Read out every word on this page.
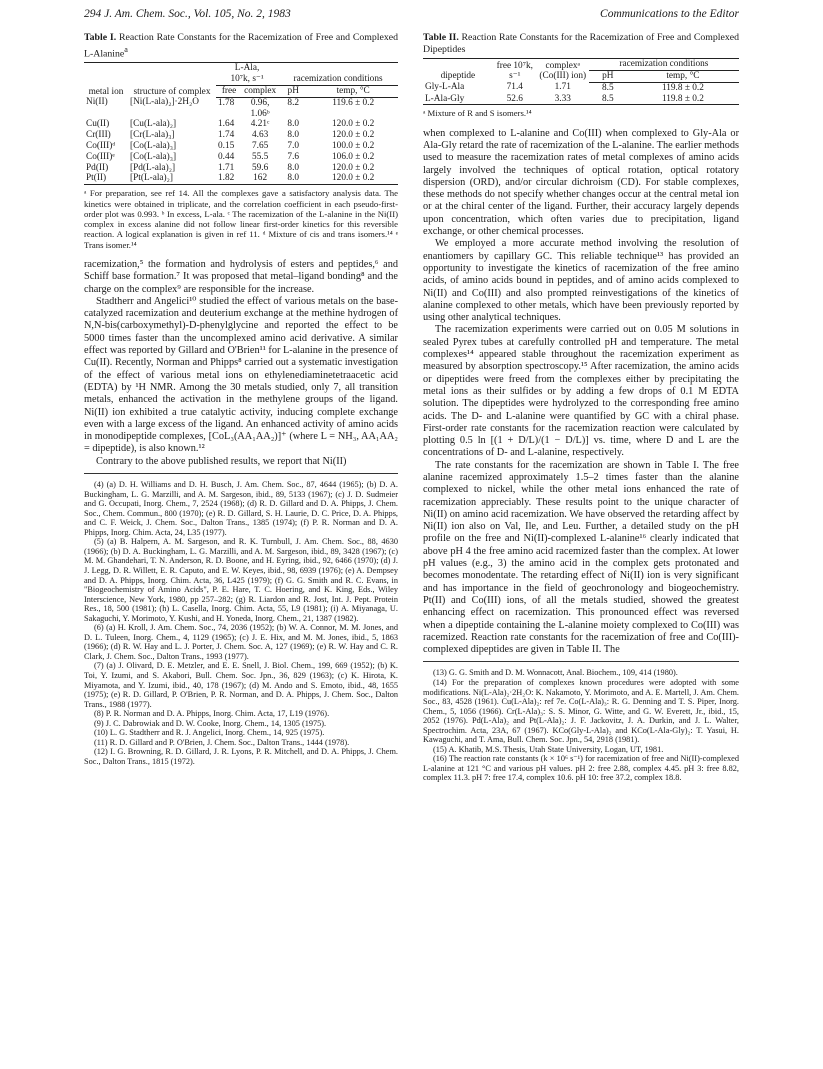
294 J. Am. Chem. Soc., Vol. 105, No. 2, 1983	Communications to the Editor
Table I. Reaction Rate Constants for the Racemization of Free and Complexed L-Alanine$^a$
metal ion	structure of complex	L-Ala,
10⁷k, s⁻¹		racemization conditions	
		free	complex	pH	temp, °C
Ni(II)	[Ni(L-ala)₂]·2H₂O	1.78	0.96, 1.06ᵇ	8.2	119.6 ± 0.2
Cu(II)	[Cu(L-ala)₂]	1.64	4.21ᶜ	8.0	120.0 ± 0.2
Cr(III)	[Cr(L-ala)₃]	1.74	4.63	8.0	120.0 ± 0.2
Co(III)ᵈ	[Co(L-ala)₃]	0.15	7.65	7.0	100.0 ± 0.2
Co(III)ᵉ	[Co(L-ala)₃]	0.44	55.5	7.6	106.0 ± 0.2
Pd(II)	[Pd(L-ala)₂]	1.71	59.6	8.0	120.0 ± 0.2
Pt(II)	[Pt(L-ala)₂]	1.82	162	8.0	120.0 ± 0.2
ᵃ For preparation, see ref 14. All the complexes gave a satisfactory analysis data. The kinetics were obtained in triplicate, and the correlation coefficient in each pseudo-first-order plot was 0.993. ᵇ In excess, L-ala. ᶜ The racemization of the L-alanine in the Ni(II) complex in excess alanine did not follow linear first-order kinetics for this reversible reaction. A logical explanation is given in ref 11. ᵈ Mixture of cis and trans isomers.¹⁴ ᵉ Trans isomer.¹⁴

racemization,⁵ the formation and hydrolysis of esters and peptides,⁶ and Schiff base formation.⁷ It was proposed that metal–ligand bonding⁸ and the charge on the complex⁹ are responsible for the increase.

Stadtherr and Angelici¹⁰ studied the effect of various metals on the base-catalyzed racemization and deuterium exchange at the methine hydrogen of N,N-bis(carboxymethyl)-D-phenylglycine and reported the effect to be 5000 times faster than the uncomplexed amino acid derivative. A similar effect was reported by Gillard and O'Brien¹¹ for L-alanine in the presence of Cu(II). Recently, Norman and Phipps⁸ carried out a systematic investigation of the effect of various metal ions on ethylenediaminetetraacetic acid (EDTA) by ¹H NMR. Among the 30 metals studied, only 7, all transition metals, enhanced the activation in the methylene groups of the ligand. Ni(II) ion exhibited a true catalytic activity, inducing complete exchange even with a large excess of the ligand. An enhanced activity of amino acids in monodipeptide complexes, [CoL₃(AA₁AA₂)]⁺ (where L = NH₃, AA₁AA₂ = dipeptide), is also known.¹²

Contrary to the above published results, we report that Ni(II)

(4) (a) D. H. Williams and D. H. Busch, J. Am. Chem. Soc., 87, 4644 (1965); (b) D. A. Buckingham, L. G. Marzilli, and A. M. Sargeson, ibid., 89, 5133 (1967); (c) J. D. Sudmeier and G. Occupati, Inorg. Chem., 7, 2524 (1968); (d) R. D. Gillard and D. A. Phipps, J. Chem. Soc., Chem. Commun., 800 (1970); (e) R. D. Gillard, S. H. Laurie, D. C. Price, D. A. Phipps, and C. F. Weick, J. Chem. Soc., Dalton Trans., 1385 (1974); (f) P. R. Norman and D. A. Phipps, Inorg. Chim. Acta, 24, L35 (1977).
(5) (a) B. Halpern, A. M. Sargeson, and R. K. Turnbull, J. Am. Chem. Soc., 88, 4630 (1966); (b) D. A. Buckingham, L. G. Marzilli, and A. M. Sargeson, ibid., 89, 3428 (1967); (c) M. M. Ghandehari, T. N. Anderson, R. D. Boone, and H. Eyring, ibid., 92, 6466 (1970); (d) J. J. Legg, D. R. Willett, E. R. Caputo, and E. W. Keyes, ibid., 98, 6939 (1976); (e) A. Dempsey and D. A. Phipps, Inorg. Chim. Acta, 36, L425 (1979); (f) G. G. Smith and R. C. Evans, in "Biogeochemistry of Amino Acids", P. E. Hare, T. C. Hoering, and K. King, Eds., Wiley Interscience, New York, 1980, pp 257–282; (g) R. Liardon and R. Jost, Int. J. Pept. Protein Res., 18, 500 (1981); (h) L. Casella, Inorg. Chim. Acta, 55, L9 (1981); (i) A. Miyanaga, U. Sakaguchi, Y. Morimoto, Y. Kushi, and H. Yoneda, Inorg. Chem., 21, 1387 (1982).
(6) (a) H. Kroll, J. Am. Chem. Soc., 74, 2036 (1952); (b) W. A. Connor, M. M. Jones, and D. L. Tuleen, Inorg. Chem., 4, 1129 (1965); (c) J. E. Hix, and M. M. Jones, ibid., 5, 1863 (1966); (d) R. W. Hay and L. J. Porter, J. Chem. Soc. A, 127 (1969); (e) R. W. Hay and C. R. Clark, J. Chem. Soc., Dalton Trans., 1993 (1977).
(7) (a) J. Olivard, D. E. Metzler, and E. E. Snell, J. Biol. Chem., 199, 669 (1952); (b) K. Toi, Y. Izumi, and S. Akabori, Bull. Chem. Soc. Jpn., 36, 829 (1963); (c) K. Hirota, K. Miyamota, and Y. Izumi, ibid., 40, 178 (1967); (d) M. Ando and S. Emoto, ibid., 48, 1655 (1975); (e) R. D. Gillard, P. O'Brien, P. R. Norman, and D. A. Phipps, J. Chem. Soc., Dalton Trans., 1988 (1977).
(8) P. R. Norman and D. A. Phipps, Inorg. Chim. Acta, 17, L19 (1976).
(9) J. C. Dabrowiak and D. W. Cooke, Inorg. Chem., 14, 1305 (1975).
(10) L. G. Stadtherr and R. J. Angelici, Inorg. Chem., 14, 925 (1975).
(11) R. D. Gillard and P. O'Brien, J. Chem. Soc., Dalton Trans., 1444 (1978).
(12) I. G. Browning, R. D. Gillard, J. R. Lyons, P. R. Mitchell, and D. A. Phipps, J. Chem. Soc., Dalton Trans., 1815 (1972).
Table II. Reaction Rate Constants for the Racemization of Free and Complexed Dipeptides
dipeptide	free 10⁷k, s⁻¹	complexᵃ (Co(III) ion)	racemization conditions	
			pH	temp, °C
Gly-L-Ala	71.4	1.71	8.5	119.8 ± 0.2
L-Ala-Gly	52.6	3.33	8.5	119.8 ± 0.2
ᵃ Mixture of R and S isomers.¹⁴

when complexed to L-alanine and Co(III) when complexed to Gly-Ala or Ala-Gly retard the rate of racemization of the L-alanine. The earlier methods used to measure the racemization rates of metal complexes of amino acids largely involved the techniques of optical rotation, optical rotatory dispersion (ORD), and/or circular dichroism (CD). For stable complexes, these methods do not specify whether changes occur at the central metal ion or at the chiral center of the ligand. Further, their accuracy largely depends upon concentration, which often varies due to precipitation, ligand exchange, or other chemical processes.

We employed a more accurate method involving the resolution of enantiomers by capillary GC. This reliable technique¹³ has provided an opportunity to investigate the kinetics of racemization of the free amino acids, of amino acids bound in peptides, and of amino acids complexed to Ni(II) and Co(III) and also prompted reinvestigations of the kinetics of alanine complexed to other metals, which have been previously reported by using other analytical techniques.

The racemization experiments were carried out on 0.05 M solutions in sealed Pyrex tubes at carefully controlled pH and temperature. The metal complexes¹⁴ appeared stable throughout the racemization experiment as measured by absorption spectroscopy.¹⁵ After racemization, the amino acids or dipeptides were freed from the complexes either by precipitating the metal ions as their sulfides or by adding a few drops of 0.1 M EDTA solution. The dipeptides were hydrolyzed to the corresponding free amino acids. The D- and L-alanine were quantified by GC with a chiral phase. First-order rate constants for the racemization reaction were calculated by plotting 0.5 ln [(1 + D/L)/(1 − D/L)] vs. time, where D and L are the concentrations of D- and L-alanine, respectively.

The rate constants for the racemization are shown in Table I. The free alanine racemized approximately 1.5–2 times faster than the alanine complexed to nickel, while the other metal ions enhanced the rate of racemization appreciably. These results point to the unique character of Ni(II) on amino acid racemization. We have observed the retarding affect by Ni(II) ion also on Val, Ile, and Leu. Further, a detailed study on the pH profile on the free and Ni(II)-complexed L-alanine¹⁶ clearly indicated that above pH 4 the free amino acid racemized faster than the complex. At lower pH values (e.g., 3) the amino acid in the complex gets protonated and becomes monodentate. The retarding effect of Ni(II) ion is very significant and has importance in the field of geochronology and biogeochemistry. Pt(II) and Co(III) ions, of all the metals studied, showed the greatest enhancing effect on racemization. This pronounced effect was reversed when a dipeptide containing the L-alanine moiety complexed to Co(III) was racemized. Reaction rate constants for the racemization of free and Co(III)-complexed dipeptides are given in Table II. The

(13) G. G. Smith and D. M. Wonnacott, Anal. Biochem., 109, 414 (1980).
(14) For the preparation of complexes known procedures were adopted with some modifications. Ni(L-Ala)₂·2H₂O: K. Nakamoto, Y. Morimoto, and A. E. Martell, J. Am. Chem. Soc., 83, 4528 (1961). Cu(L-Ala)₂: ref 7e. Co(L-Ala)₃: R. G. Denning and T. S. Piper, Inorg. Chem., 5, 1056 (1966). Cr(L-Ala)₃: S. S. Minor, G. Witte, and G. W. Everett, Jr., ibid., 15, 2052 (1976). Pd(L-Ala)₂ and Pt(L-Ala)₂: J. F. Jackovitz, J. A. Durkin, and J. L. Walter, Spectrochim. Acta, 23A, 67 (1967). KCo(Gly-L-Ala)₂ and KCo(L-Ala-Gly)₂: T. Yasui, H. Kawaguchi, and T. Ama, Bull. Chem. Soc. Jpn., 54, 2918 (1981).
(15) A. Khatib, M.S. Thesis, Utah State University, Logan, UT, 1981.
(16) The reaction rate constants (k × 10⁶ s⁻¹) for racemization of free and Ni(II)-complexed L-alanine at 121 °C and various pH values. pH 2: free 2.88, complex 4.45. pH 3: free 8.82, complex 11.3. pH 7: free 17.4, complex 10.6. pH 10: free 37.2, complex 18.8.
